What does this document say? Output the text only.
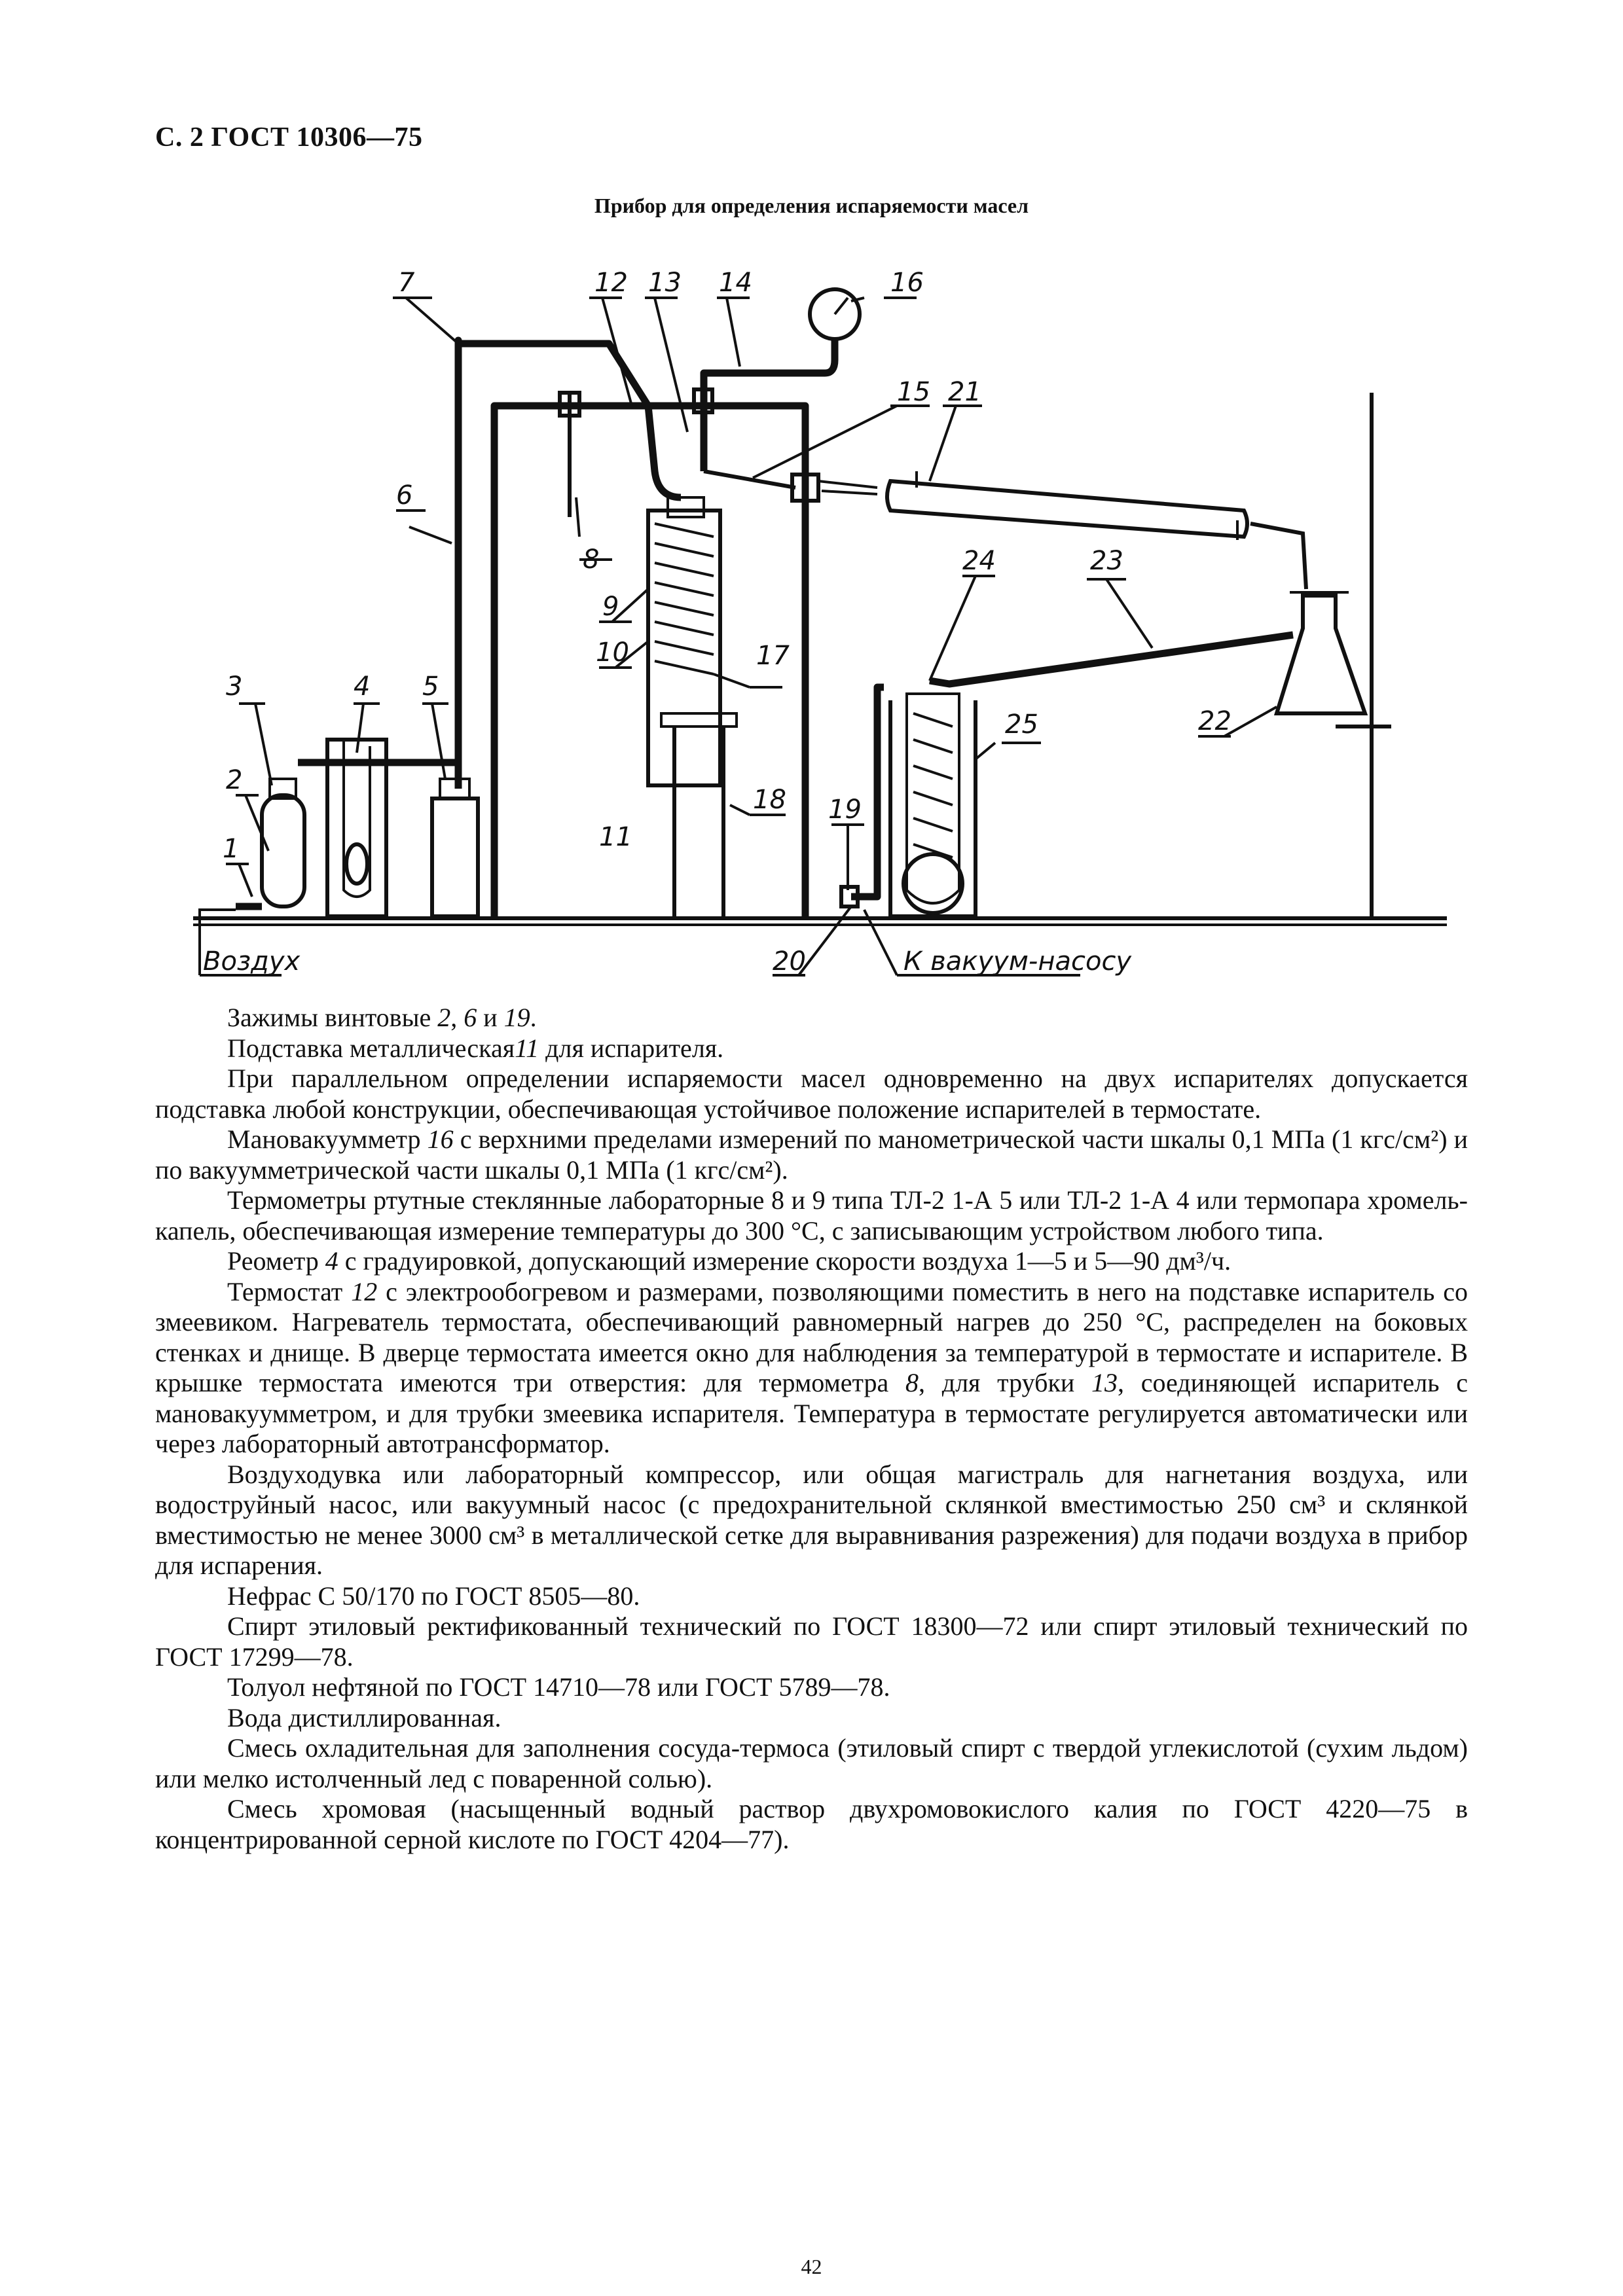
С. 2 ГОСТ 10306—75
Прибор для определения испаряемости масел
7	12 13 14	16
15 21
6
8
9
10	17
18
11
24	23
25	22
19
20
3	4 5
2
1
Воздух	К вакуум-насосу

Зажимы винтовые 2, 6 и 19.

Подставка металлическая11 для испарителя.

При параллельном определении испаряемости масел одновременно на двух испарителях допускается подставка любой конструкции, обеспечивающая устойчивое положение испарителей в термостате.

Мановакуумметр 16 с верхними пределами измерений по манометрической части шкалы 0,1 МПа (1 кгс/см²) и по вакуумметрической части шкалы 0,1 МПа (1 кгс/см²).

Термометры ртутные стеклянные лабораторные 8 и 9 типа ТЛ-2 1-А 5 или ТЛ-2 1-А 4 или термопара хромель-капель, обеспечивающая измерение температуры до 300 °С, с записывающим устройством любого типа.

Реометр 4 с градуировкой, допускающий измерение скорости воздуха 1—5 и 5—90 дм³/ч.

Термостат 12 с электрообогревом и размерами, позволяющими поместить в него на подставке испаритель со змеевиком. Нагреватель термостата, обеспечивающий равномерный нагрев до 250 °С, распределен на боковых стенках и днище. В дверце термостата имеется окно для наблюдения за температурой в термостате и испарителе. В крышке термостата имеются три отверстия: для термометра 8, для трубки 13, соединяющей испаритель с мановакуумметром, и для трубки змеевика испарителя. Температура в термостате регулируется автоматически или через лабораторный автотрансформатор.

Воздуходувка или лабораторный компрессор, или общая магистраль для нагнетания воздуха, или водоструйный насос, или вакуумный насос (с предохранительной склянкой вместимостью 250 см³ и склянкой вместимостью не менее 3000 см³ в металлической сетке для выравнивания разрежения) для подачи воздуха в прибор для испарения.

Нефрас С 50/170 по ГОСТ 8505—80.

Спирт этиловый ректификованный технический по ГОСТ 18300—72 или спирт этиловый технический по ГОСТ 17299—78.

Толуол нефтяной по ГОСТ 14710—78 или ГОСТ 5789—78.

Вода дистиллированная.

Смесь охладительная для заполнения сосуда-термоса (этиловый спирт с твердой углекислотой (сухим льдом) или мелко истолченный лед с поваренной солью).

Смесь хромовая (насыщенный водный раствор двухромовокислого калия по ГОСТ 4220—75 в концентрированной серной кислоте по ГОСТ 4204—77).

42
